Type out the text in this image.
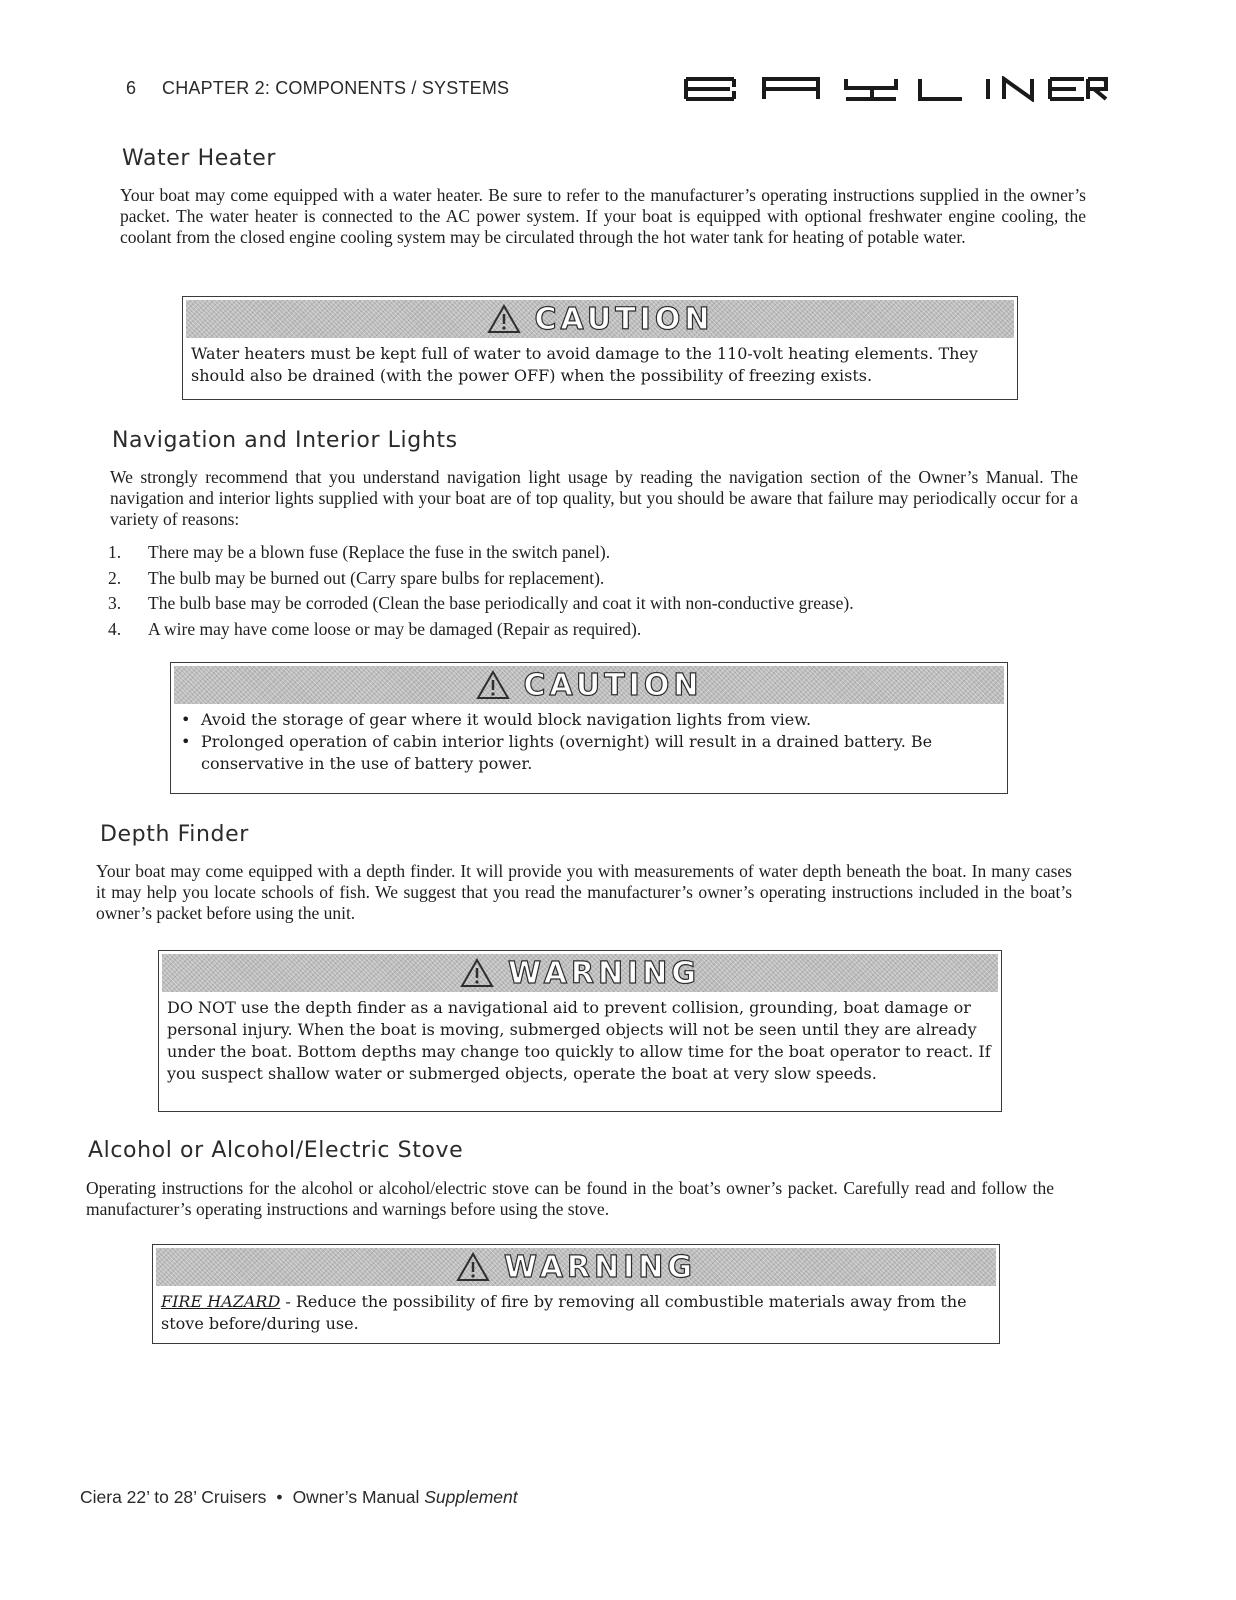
6 CHAPTER 2: COMPONENTS / SYSTEMS
Water Heater
Your boat may come equipped with a water heater. Be sure to refer to the manufacturer’s operating instructions supplied in the owner’s packet. The water heater is connected to the AC power system. If your boat is equipped with optional freshwater engine cooling, the coolant from the closed engine cooling system may be circulated through the hot water tank for heating of potable water.
CAUTION
Water heaters must be kept full of water to avoid damage to the 110-volt heating elements. They should also be drained (with the power OFF) when the possibility of freezing exists.
Navigation and Interior Lights
We strongly recommend that you understand navigation light usage by reading the navigation section of the Owner’s Manual. The navigation and interior lights supplied with your boat are of top quality, but you should be aware that failure may periodically occur for a variety of reasons:
1. There may be a blown fuse (Replace the fuse in the switch panel).
2. The bulb may be burned out (Carry spare bulbs for replacement).
3. The bulb base may be corroded (Clean the base periodically and coat it with non-conductive grease).
4. A wire may have come loose or may be damaged (Repair as required).
CAUTION
• Avoid the storage of gear where it would block navigation lights from view.
• Prolonged operation of cabin interior lights (overnight) will result in a drained battery. Be conservative in the use of battery power.
Depth Finder
Your boat may come equipped with a depth finder. It will provide you with measurements of water depth beneath the boat. In many cases it may help you locate schools of fish. We suggest that you read the manufacturer’s owner’s operating instructions included in the boat’s owner’s packet before using the unit.
WARNING
DO NOT use the depth finder as a navigational aid to prevent collision, grounding, boat damage or personal injury. When the boat is moving, submerged objects will not be seen until they are already under the boat. Bottom depths may change too quickly to allow time for the boat operator to react. If you suspect shallow water or submerged objects, operate the boat at very slow speeds.
Alcohol or Alcohol/Electric Stove
Operating instructions for the alcohol or alcohol/electric stove can be found in the boat’s owner’s packet. Carefully read and follow the manufacturer’s operating instructions and warnings before using the stove.
WARNING
FIRE HAZARD - Reduce the possibility of fire by removing all combustible materials away from the stove before/during use.
Ciera 22’ to 28’ Cruisers • Owner’s Manual Supplement
